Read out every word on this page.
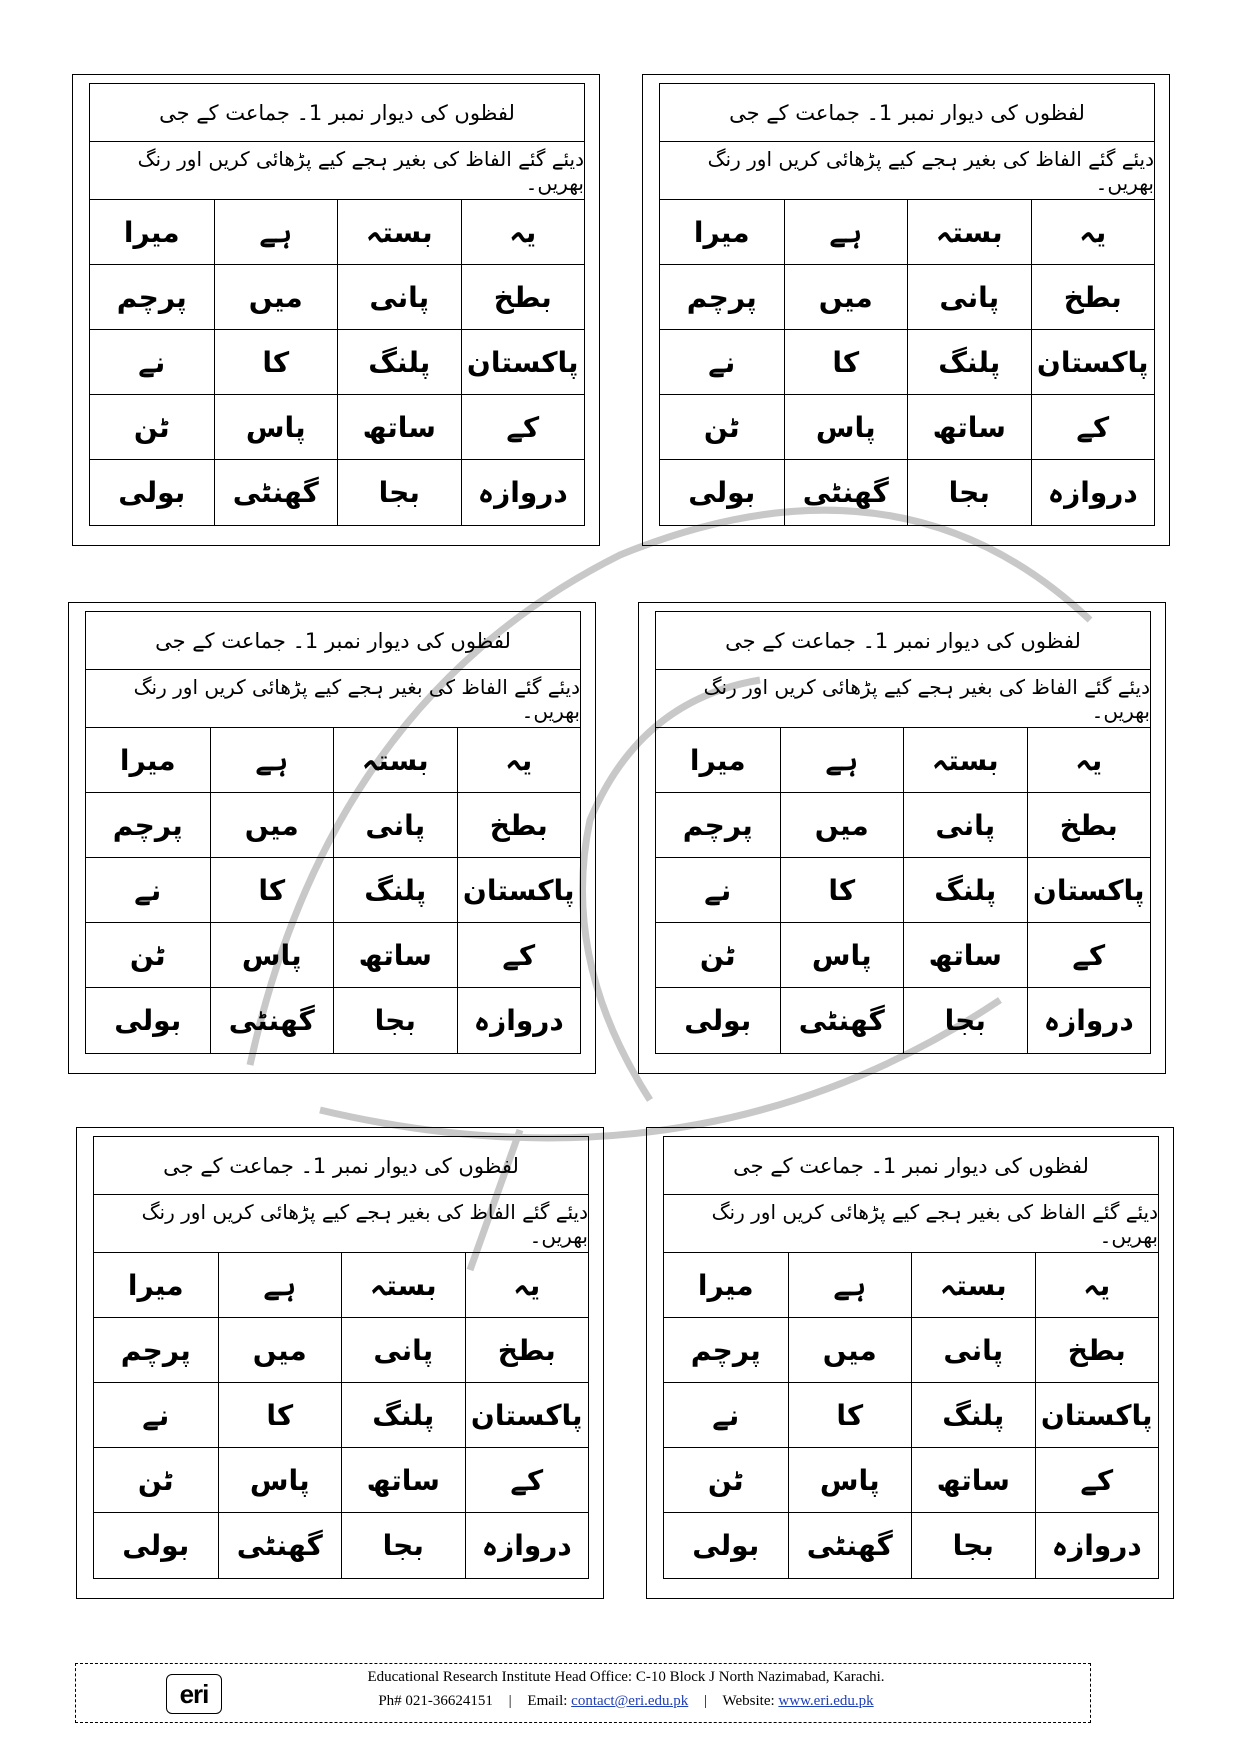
لفظوں کی دیوار نمبر 1۔ جماعت کے جی
دیئے گئے الفاظ کی بغیر ہجے کیے پڑھائی کریں اور رنگ بھریں۔
یہ
بستہ
ہے
میرا
بطخ
پانی
میں
پرچم
پاکستان
پلنگ
کا
نے
کے
ساتھ
پاس
ٹن
دروازہ
بجا
گھنٹی
بولی
لفظوں کی دیوار نمبر 1۔ جماعت کے جی
دیئے گئے الفاظ کی بغیر ہجے کیے پڑھائی کریں اور رنگ بھریں۔
یہ
بستہ
ہے
میرا
بطخ
پانی
میں
پرچم
پاکستان
پلنگ
کا
نے
کے
ساتھ
پاس
ٹن
دروازہ
بجا
گھنٹی
بولی
لفظوں کی دیوار نمبر 1۔ جماعت کے جی
دیئے گئے الفاظ کی بغیر ہجے کیے پڑھائی کریں اور رنگ بھریں۔
یہ
بستہ
ہے
میرا
بطخ
پانی
میں
پرچم
پاکستان
پلنگ
کا
نے
کے
ساتھ
پاس
ٹن
دروازہ
بجا
گھنٹی
بولی
لفظوں کی دیوار نمبر 1۔ جماعت کے جی
دیئے گئے الفاظ کی بغیر ہجے کیے پڑھائی کریں اور رنگ بھریں۔
یہ
بستہ
ہے
میرا
بطخ
پانی
میں
پرچم
پاکستان
پلنگ
کا
نے
کے
ساتھ
پاس
ٹن
دروازہ
بجا
گھنٹی
بولی
لفظوں کی دیوار نمبر 1۔ جماعت کے جی
دیئے گئے الفاظ کی بغیر ہجے کیے پڑھائی کریں اور رنگ بھریں۔
یہ
بستہ
ہے
میرا
بطخ
پانی
میں
پرچم
پاکستان
پلنگ
کا
نے
کے
ساتھ
پاس
ٹن
دروازہ
بجا
گھنٹی
بولی
لفظوں کی دیوار نمبر 1۔ جماعت کے جی
دیئے گئے الفاظ کی بغیر ہجے کیے پڑھائی کریں اور رنگ بھریں۔
یہ
بستہ
ہے
میرا
بطخ
پانی
میں
پرچم
پاکستان
پلنگ
کا
نے
کے
ساتھ
پاس
ٹن
دروازہ
بجا
گھنٹی
بولی
eri
Educational Research Institute Head Office: C-10 Block J North Nazimabad, Karachi.
Ph# 021-36624151 | Email: contact@eri.edu.pk | Website: www.eri.edu.pk
